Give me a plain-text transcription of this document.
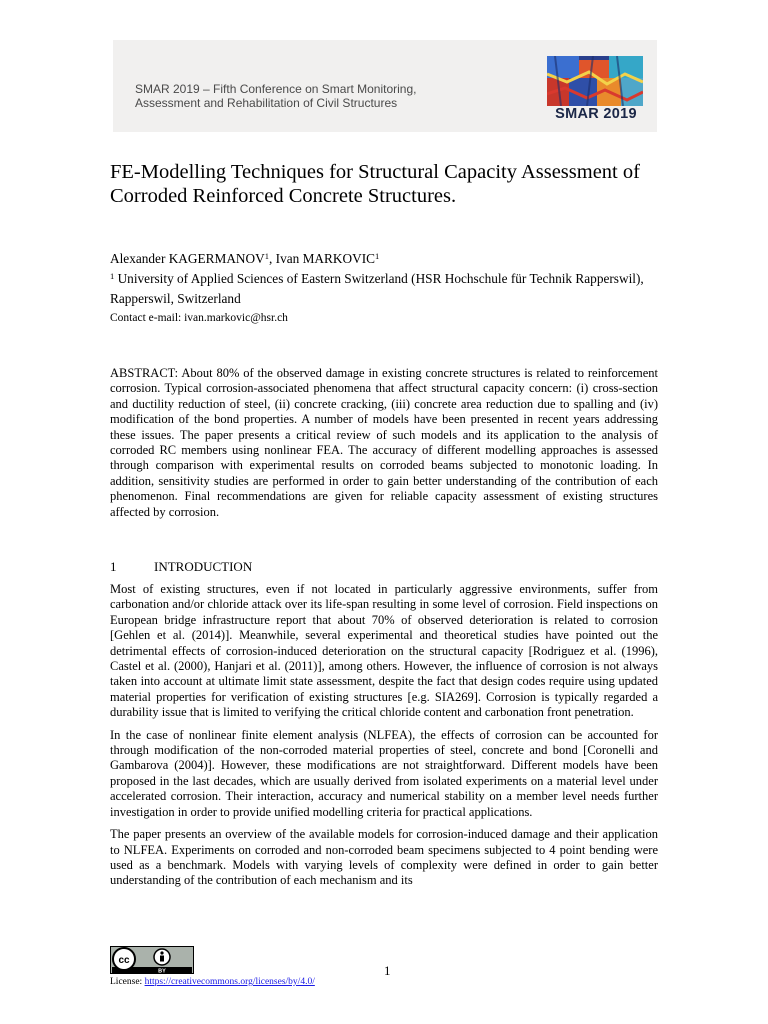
SMAR 2019 – Fifth Conference on Smart Monitoring,
Assessment and Rehabilitation of Civil Structures
SMAR 2019
FE-Modelling Techniques for Structural Capacity Assessment of Corroded Reinforced Concrete Structures.
Alexander KAGERMANOV$^1$, Ivan MARKOVIC$^1$
$^1$ University of Applied Sciences of Eastern Switzerland (HSR Hochschule für Technik Rapperswil), Rapperswil, Switzerland
Contact e-mail: ivan.markovic@hsr.ch

ABSTRACT: About 80% of the observed damage in existing concrete structures is related to reinforcement corrosion. Typical corrosion-associated phenomena that affect structural capacity concern: (i) cross-section and ductility reduction of steel, (ii) concrete cracking, (iii) concrete area reduction due to spalling and (iv) modification of the bond properties. A number of models have been presented in recent years addressing these issues. The paper presents a critical review of such models and its application to the analysis of corroded RC members using nonlinear FEA. The accuracy of different modelling approaches is assessed through comparison with experimental results on corroded beams subjected to monotonic loading. In addition, sensitivity studies are performed in order to gain better understanding of the contribution of each phenomenon. Final recommendations are given for reliable capacity assessment of existing structures affected by corrosion.

1	INTRODUCTION

Most of existing structures, even if not located in particularly aggressive environments, suffer from carbonation and/or chloride attack over its life-span resulting in some level of corrosion. Field inspections on European bridge infrastructure report that about 70% of observed deterioration is related to corrosion [Gehlen et al. (2014)]. Meanwhile, several experimental and theoretical studies have pointed out the detrimental effects of corrosion-induced deterioration on the structural capacity [Rodriguez et al. (1996), Castel et al. (2000), Hanjari et al. (2011)], among others. However, the influence of corrosion is not always taken into account at ultimate limit state assessment, despite the fact that design codes require using updated material properties for verification of existing structures [e.g. SIA269]. Corrosion is typically regarded a durability issue that is limited to verifying the critical chloride content and carbonation front penetration.

In the case of nonlinear finite element analysis (NLFEA), the effects of corrosion can be accounted for through modification of the non-corroded material properties of steel, concrete and bond [Coronelli and Gambarova (2004)]. However, these modifications are not straightforward. Different models have been proposed in the last decades, which are usually derived from isolated experiments on a material level under accelerated corrosion. Their interaction, accuracy and numerical stability on a member level needs further investigation in order to provide unified modelling criteria for practical applications.

The paper presents an overview of the available models for corrosion-induced damage and their application to NLFEA. Experiments on corroded and non-corroded beam specimens subjected to 4 point bending were used as a benchmark. Models with varying levels of complexity were defined in order to gain better understanding of the contribution of each mechanism and its

cc
BY	1
License: https://creativecommons.org/licenses/by/4.0/
